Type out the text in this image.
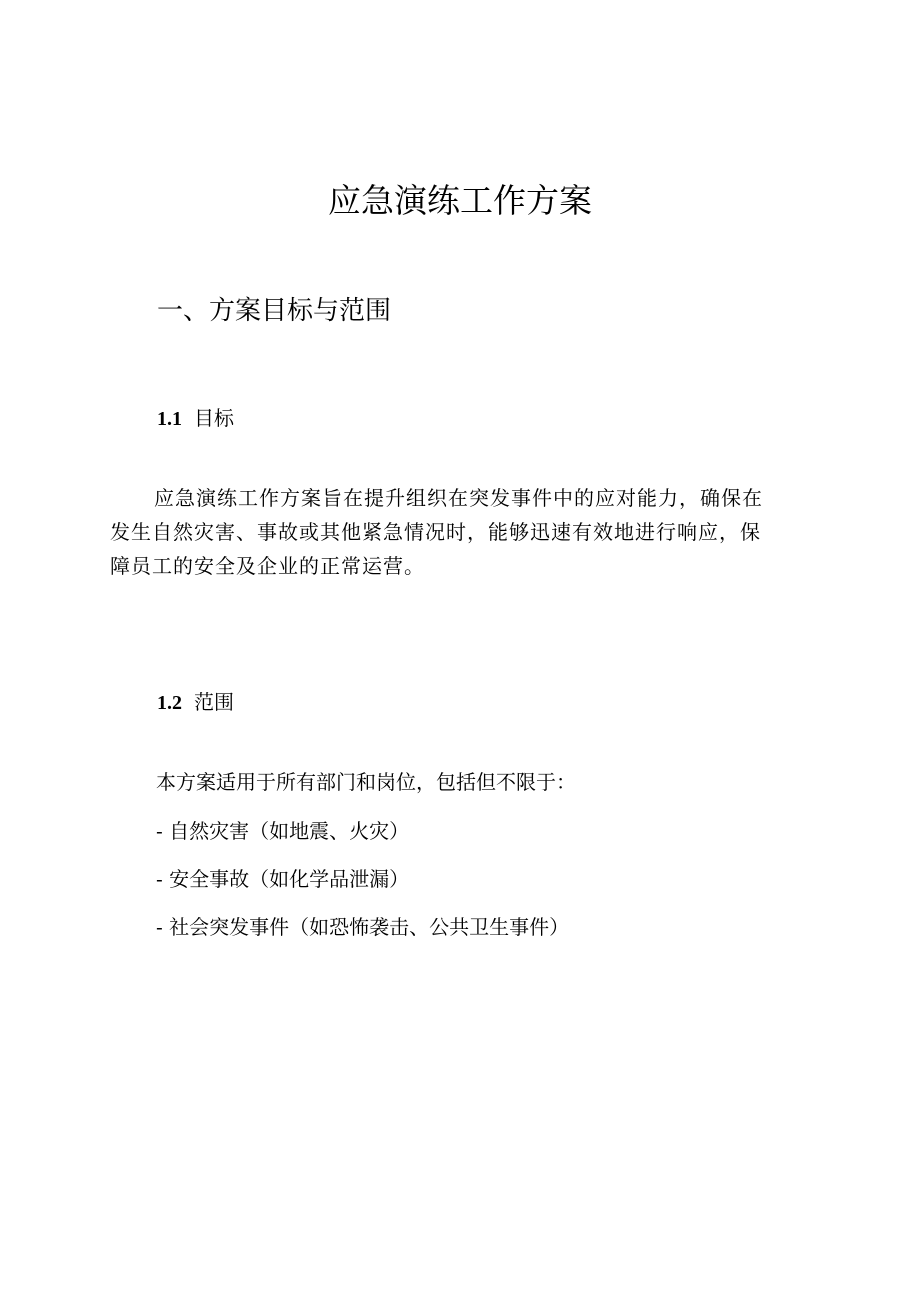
应急演练工作方案
一、方案目标与范围
1.1 目标

应急演练工作方案旨在提升组织在突发事件中的应对能力，确保在
发生自然灾害、事故或其他紧急情况时，能够迅速有效地进行响应，保
障员工的安全及企业的正常运营。

1.2 范围

本方案适用于所有部门和岗位，包括但不限于：

- 自然灾害（如地震、火灾）
- 安全事故（如化学品泄漏）
- 社会突发事件（如恐怖袭击、公共卫生事件）
